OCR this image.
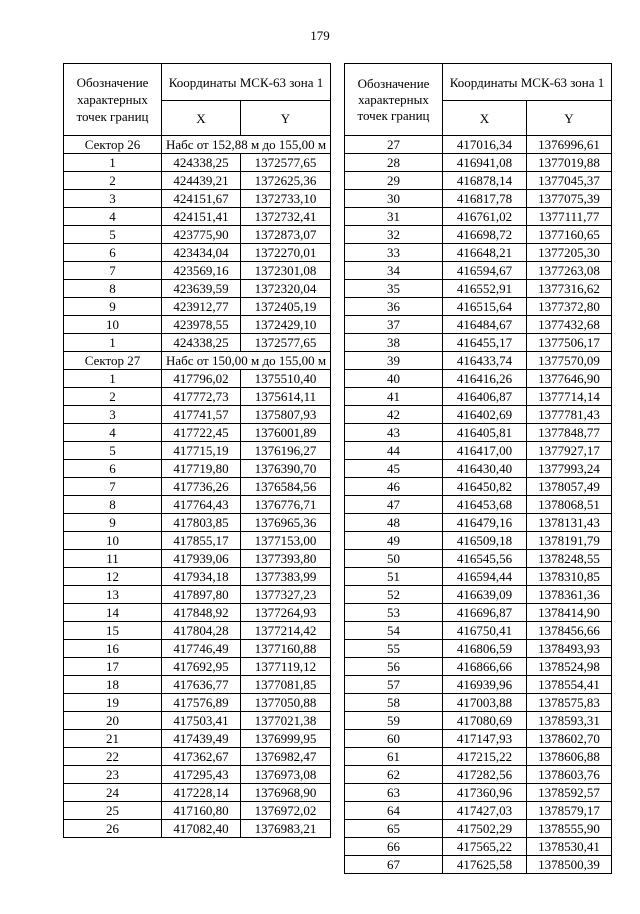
179
Обозначение характерных точек границ	Координаты МСК-63 зона 1	
	X	Y
Сектор 26	Набс от 152,88 м до 155,00 м	
1	424338,25	1372577,65
2	424439,21	1372625,36
3	424151,67	1372733,10
4	424151,41	1372732,41
5	423775,90	1372873,07
6	423434,04	1372270,01
7	423569,16	1372301,08
8	423639,59	1372320,04
9	423912,77	1372405,19
10	423978,55	1372429,10
1	424338,25	1372577,65
Сектор 27	Набс от 150,00 м до 155,00 м	
1	417796,02	1375510,40
2	417772,73	1375614,11
3	417741,57	1375807,93
4	417722,45	1376001,89
5	417715,19	1376196,27
6	417719,80	1376390,70
7	417736,26	1376584,56
8	417764,43	1376776,71
9	417803,85	1376965,36
10	417855,17	1377153,00
11	417939,06	1377393,80
12	417934,18	1377383,99
13	417897,80	1377327,23
14	417848,92	1377264,93
15	417804,28	1377214,42
16	417746,49	1377160,88
17	417692,95	1377119,12
18	417636,77	1377081,85
19	417576,89	1377050,88
20	417503,41	1377021,38
21	417439,49	1376999,95
22	417362,67	1376982,47
23	417295,43	1376973,08
24	417228,14	1376968,90
25	417160,80	1376972,02
26	417082,40	1376983,21
Обозначение характерных точек границ	Координаты МСК-63 зона 1	
	X	Y
27	417016,34	1376996,61
28	416941,08	1377019,88
29	416878,14	1377045,37
30	416817,78	1377075,39
31	416761,02	1377111,77
32	416698,72	1377160,65
33	416648,21	1377205,30
34	416594,67	1377263,08
35	416552,91	1377316,62
36	416515,64	1377372,80
37	416484,67	1377432,68
38	416455,17	1377506,17
39	416433,74	1377570,09
40	416416,26	1377646,90
41	416406,87	1377714,14
42	416402,69	1377781,43
43	416405,81	1377848,77
44	416417,00	1377927,17
45	416430,40	1377993,24
46	416450,82	1378057,49
47	416453,68	1378068,51
48	416479,16	1378131,43
49	416509,18	1378191,79
50	416545,56	1378248,55
51	416594,44	1378310,85
52	416639,09	1378361,36
53	416696,87	1378414,90
54	416750,41	1378456,66
55	416806,59	1378493,93
56	416866,66	1378524,98
57	416939,96	1378554,41
58	417003,88	1378575,83
59	417080,69	1378593,31
60	417147,93	1378602,70
61	417215,22	1378606,88
62	417282,56	1378603,76
63	417360,96	1378592,57
64	417427,03	1378579,17
65	417502,29	1378555,90
66	417565,22	1378530,41
67	417625,58	1378500,39
